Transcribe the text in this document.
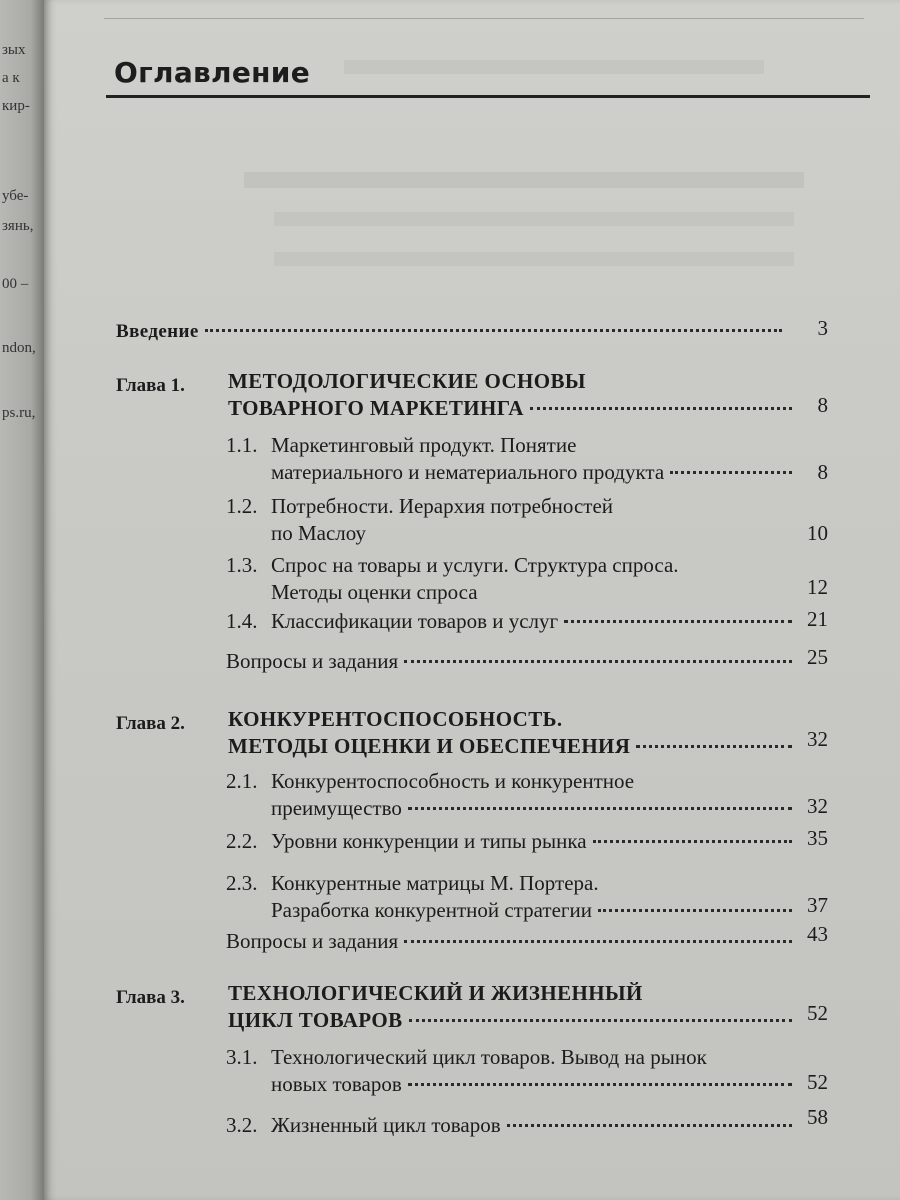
зых
а к
кир-
убе-
зянь,
00 –
ndon,
ps.ru,
Оглавление
Введение	3
Глава 1. МЕТОДОЛОГИЧЕСКИЕ ОСНОВЫ
ТОВАРНОГО МАРКЕТИНГА	8
1.1. Маркетинговый продукт. Понятие
материального и нематериального продукта	8
1.2. Потребности. Иерархия потребностей
по Маслоу	10
1.3. Спрос на товары и услуги. Структура спроса.
Методы оценки спроса	12
1.4. Классификации товаров и услуг	21
Вопросы и задания	25
Глава 2. КОНКУРЕНТОСПОСОБНОСТЬ.
МЕТОДЫ ОЦЕНКИ И ОБЕСПЕЧЕНИЯ	32
2.1. Конкурентоспособность и конкурентное
преимущество	32
2.2. Уровни конкуренции и типы рынка	35
2.3. Конкурентные матрицы М. Портера.
Разработка конкурентной стратегии	37
Вопросы и задания	43
Глава 3. ТЕХНОЛОГИЧЕСКИЙ И ЖИЗНЕННЫЙ
ЦИКЛ ТОВАРОВ	52
3.1. Технологический цикл товаров. Вывод на рынок
новых товаров	52
3.2. Жизненный цикл товаров	58
